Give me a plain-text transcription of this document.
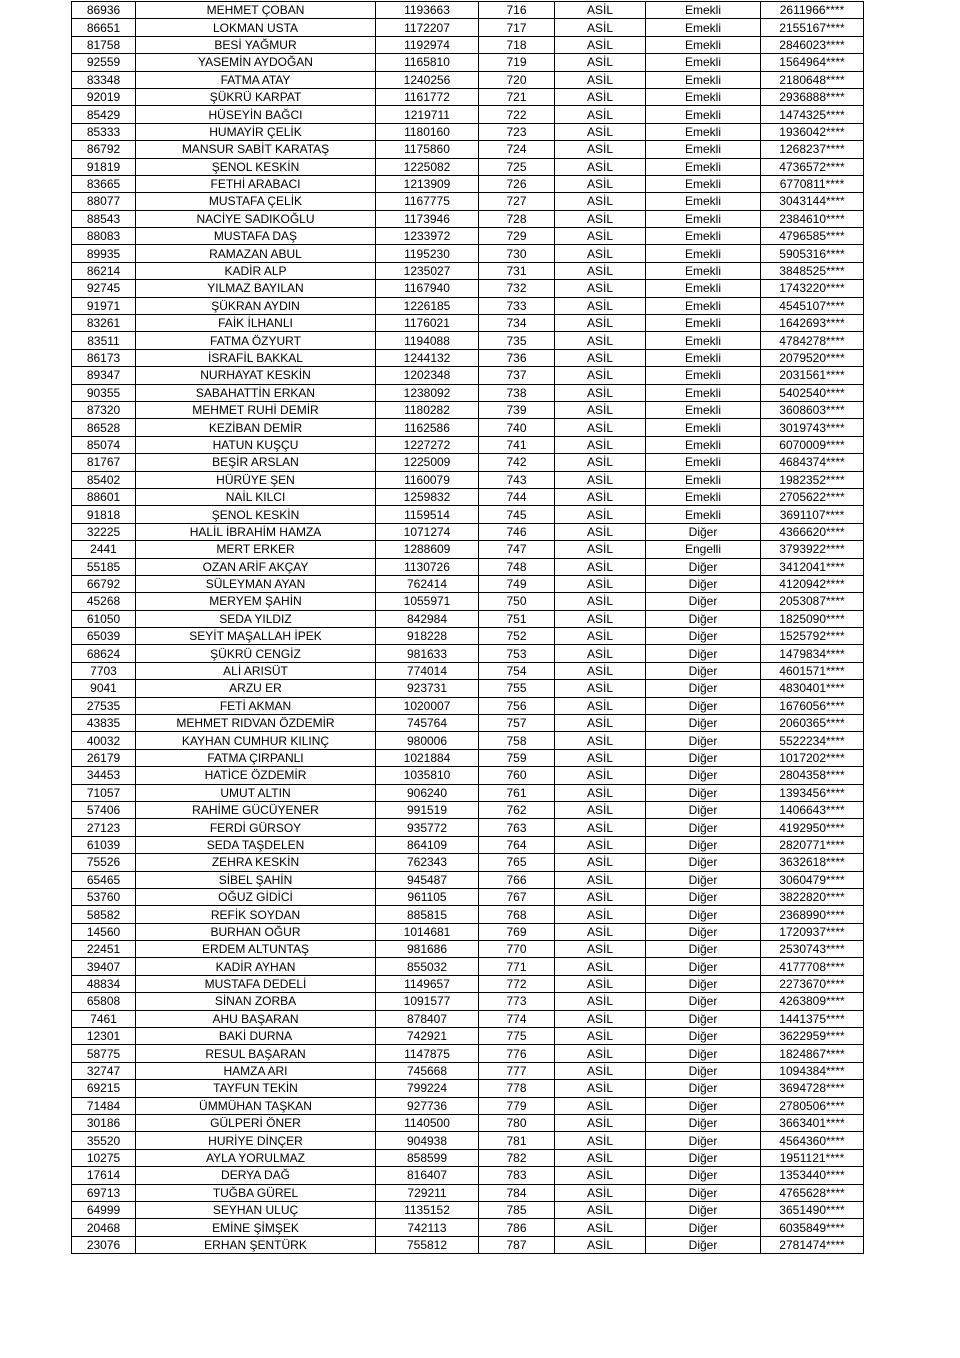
86936	MEHMET ÇOBAN	1193663	716	ASİL	Emekli	2611966****
86651	LOKMAN USTA	1172207	717	ASİL	Emekli	2155167****
81758	BESİ YAĞMUR	1192974	718	ASİL	Emekli	2846023****
92559	YASEMİN AYDOĞAN	1165810	719	ASİL	Emekli	1564964****
83348	FATMA ATAY	1240256	720	ASİL	Emekli	2180648****
92019	ŞÜKRÜ KARPAT	1161772	721	ASİL	Emekli	2936888****
85429	HÜSEYİN BAĞCI	1219711	722	ASİL	Emekli	1474325****
85333	HUMAYİR ÇELİK	1180160	723	ASİL	Emekli	1936042****
86792	MANSUR SABİT KARATAŞ	1175860	724	ASİL	Emekli	1268237****
91819	ŞENOL KESKİN	1225082	725	ASİL	Emekli	4736572****
83665	FETHİ ARABACI	1213909	726	ASİL	Emekli	6770811****
88077	MUSTAFA ÇELİK	1167775	727	ASİL	Emekli	3043144****
88543	NACİYE SADIKOĞLU	1173946	728	ASİL	Emekli	2384610****
88083	MUSTAFA DAŞ	1233972	729	ASİL	Emekli	4796585****
89935	RAMAZAN ABUL	1195230	730	ASİL	Emekli	5905316****
86214	KADİR ALP	1235027	731	ASİL	Emekli	3848525****
92745	YILMAZ BAYILAN	1167940	732	ASİL	Emekli	1743220****
91971	ŞÜKRAN AYDIN	1226185	733	ASİL	Emekli	4545107****
83261	FAİK İLHANLI	1176021	734	ASİL	Emekli	1642693****
83511	FATMA ÖZYURT	1194088	735	ASİL	Emekli	4784278****
86173	İSRAFİL BAKKAL	1244132	736	ASİL	Emekli	2079520****
89347	NURHAYAT KESKİN	1202348	737	ASİL	Emekli	2031561****
90355	SABAHATTİN ERKAN	1238092	738	ASİL	Emekli	5402540****
87320	MEHMET RUHİ DEMİR	1180282	739	ASİL	Emekli	3608603****
86528	KEZİBAN DEMİR	1162586	740	ASİL	Emekli	3019743****
85074	HATUN KUŞÇU	1227272	741	ASİL	Emekli	6070009****
81767	BEŞİR ARSLAN	1225009	742	ASİL	Emekli	4684374****
85402	HÜRÜYE ŞEN	1160079	743	ASİL	Emekli	1982352****
88601	NAİL KILCI	1259832	744	ASİL	Emekli	2705622****
91818	ŞENOL KESKİN	1159514	745	ASİL	Emekli	3691107****
32225	HALİL İBRAHİM HAMZA	1071274	746	ASİL	Diğer	4366620****
2441	MERT ERKER	1288609	747	ASİL	Engelli	3793922****
55185	OZAN ARİF AKÇAY	1130726	748	ASİL	Diğer	3412041****
66792	SÜLEYMAN AYAN	762414	749	ASİL	Diğer	4120942****
45268	MERYEM ŞAHİN	1055971	750	ASİL	Diğer	2053087****
61050	SEDA YILDIZ	842984	751	ASİL	Diğer	1825090****
65039	SEYİT MAŞALLAH İPEK	918228	752	ASİL	Diğer	1525792****
68624	ŞÜKRÜ CENGİZ	981633	753	ASİL	Diğer	1479834****
7703	ALİ ARISÜT	774014	754	ASİL	Diğer	4601571****
9041	ARZU ER	923731	755	ASİL	Diğer	4830401****
27535	FETİ AKMAN	1020007	756	ASİL	Diğer	1676056****
43835	MEHMET RIDVAN ÖZDEMİR	745764	757	ASİL	Diğer	2060365****
40032	KAYHAN CUMHUR KILINÇ	980006	758	ASİL	Diğer	5522234****
26179	FATMA ÇIRPANLI	1021884	759	ASİL	Diğer	1017202****
34453	HATİCE ÖZDEMİR	1035810	760	ASİL	Diğer	2804358****
71057	UMUT ALTIN	906240	761	ASİL	Diğer	1393456****
57406	RAHİME GÜCÜYENER	991519	762	ASİL	Diğer	1406643****
27123	FERDİ GÜRSOY	935772	763	ASİL	Diğer	4192950****
61039	SEDA TAŞDELEN	864109	764	ASİL	Diğer	2820771****
75526	ZEHRA KESKİN	762343	765	ASİL	Diğer	3632618****
65465	SİBEL ŞAHİN	945487	766	ASİL	Diğer	3060479****
53760	OĞUZ GİDİCİ	961105	767	ASİL	Diğer	3822820****
58582	REFİK SOYDAN	885815	768	ASİL	Diğer	2368990****
14560	BURHAN OĞUR	1014681	769	ASİL	Diğer	1720937****
22451	ERDEM ALTUNTAŞ	981686	770	ASİL	Diğer	2530743****
39407	KADİR AYHAN	855032	771	ASİL	Diğer	4177708****
48834	MUSTAFA DEDELİ	1149657	772	ASİL	Diğer	2273670****
65808	SİNAN ZORBA	1091577	773	ASİL	Diğer	4263809****
7461	AHU BAŞARAN	878407	774	ASİL	Diğer	1441375****
12301	BAKİ DURNA	742921	775	ASİL	Diğer	3622959****
58775	RESUL BAŞARAN	1147875	776	ASİL	Diğer	1824867****
32747	HAMZA ARI	745668	777	ASİL	Diğer	1094384****
69215	TAYFUN TEKİN	799224	778	ASİL	Diğer	3694728****
71484	ÜMMÜHAN TAŞKAN	927736	779	ASİL	Diğer	2780506****
30186	GÜLPERİ ÖNER	1140500	780	ASİL	Diğer	3663401****
35520	HURİYE DİNÇER	904938	781	ASİL	Diğer	4564360****
10275	AYLA YORULMAZ	858599	782	ASİL	Diğer	1951121****
17614	DERYA DAĞ	816407	783	ASİL	Diğer	1353440****
69713	TUĞBA GÜREL	729211	784	ASİL	Diğer	4765628****
64999	SEYHAN ULUÇ	1135152	785	ASİL	Diğer	3651490****
20468	EMİNE ŞİMŞEK	742113	786	ASİL	Diğer	6035849****
23076	ERHAN ŞENTÜRK	755812	787	ASİL	Diğer	2781474****
